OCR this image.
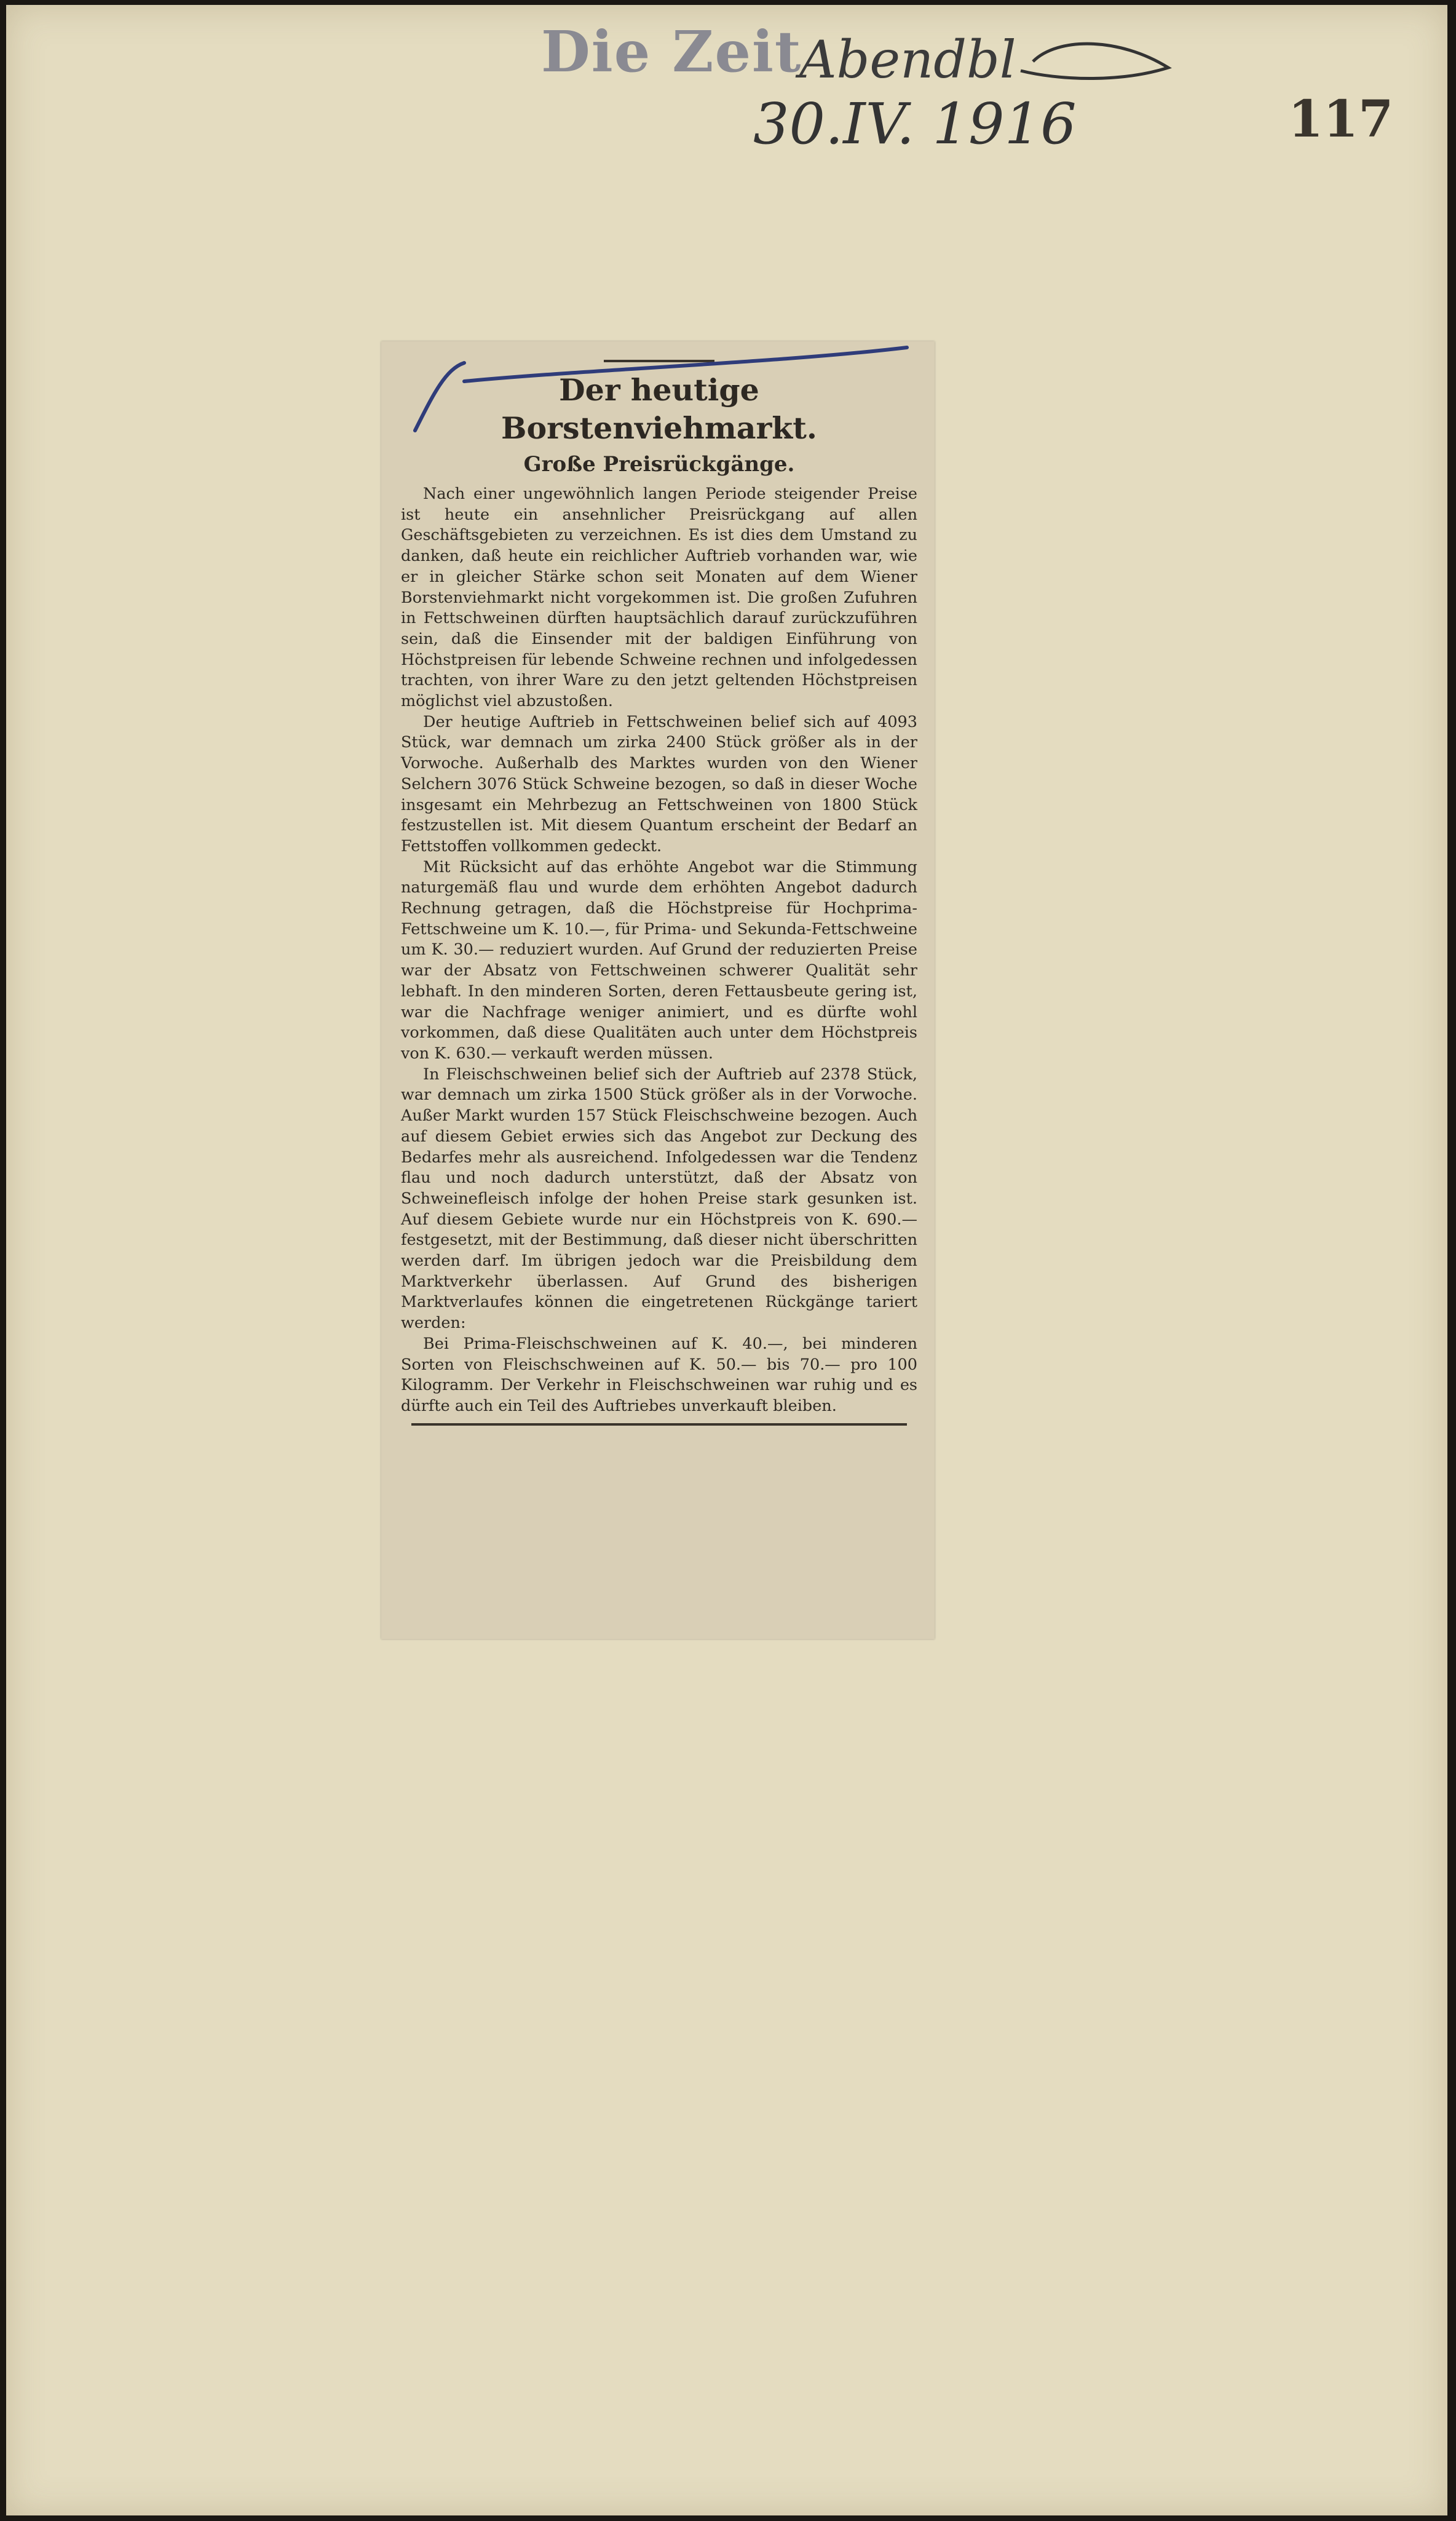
Die Zeit
Abendbl
30.IV. 1916	117
Der heutige Borstenviehmarkt.
Große Preisrückgänge.

Nach einer ungewöhnlich langen Periode steigender Preise ist heute ein ansehnlicher Preisrückgang auf allen Geschäftsgebieten zu verzeichnen. Es ist dies dem Umstand zu danken, daß heute ein reichlicher Auftrieb vorhanden war, wie er in gleicher Stärke schon seit Monaten auf dem Wiener Borstenviehmarkt nicht vorgekommen ist. Die großen Zufuhren in Fettschweinen dürften hauptsächlich darauf zurückzuführen sein, daß die Einsender mit der baldigen Einführung von Höchstpreisen für lebende Schweine rechnen und infolgedessen trachten, von ihrer Ware zu den jetzt geltenden Höchstpreisen möglichst viel abzustoßen.

Der heutige Auftrieb in Fettschweinen belief sich auf 4093 Stück, war demnach um zirka 2400 Stück größer als in der Vorwoche. Außerhalb des Marktes wurden von den Wiener Selchern 3076 Stück Schweine bezogen, so daß in dieser Woche insgesamt ein Mehrbezug an Fettschweinen von 1800 Stück festzustellen ist. Mit diesem Quantum erscheint der Bedarf an Fettstoffen vollkommen gedeckt.

Mit Rücksicht auf das erhöhte Angebot war die Stimmung naturgemäß flau und wurde dem erhöhten Angebot dadurch Rechnung getragen, daß die Höchstpreise für Hochprima-Fettschweine um K. 10.—, für Prima- und Sekunda-Fettschweine um K. 30.— reduziert wurden. Auf Grund der reduzierten Preise war der Absatz von Fettschweinen schwerer Qualität sehr lebhaft. In den minderen Sorten, deren Fettausbeute gering ist, war die Nachfrage weniger animiert, und es dürfte wohl vorkommen, daß diese Qualitäten auch unter dem Höchstpreis von K. 630.— verkauft werden müssen.

In Fleischschweinen belief sich der Auftrieb auf 2378 Stück, war demnach um zirka 1500 Stück größer als in der Vorwoche. Außer Markt wurden 157 Stück Fleischschweine bezogen. Auch auf diesem Gebiet erwies sich das Angebot zur Deckung des Bedarfes mehr als ausreichend. Infolgedessen war die Tendenz flau und noch dadurch unterstützt, daß der Absatz von Schweinefleisch infolge der hohen Preise stark gesunken ist. Auf diesem Gebiete wurde nur ein Höchstpreis von K. 690.— festgesetzt, mit der Bestimmung, daß dieser nicht überschritten werden darf. Im übrigen jedoch war die Preisbildung dem Marktverkehr überlassen. Auf Grund des bisherigen Marktverlaufes können die eingetretenen Rückgänge tariert werden:

Bei Prima-Fleischschweinen auf K. 40.—, bei minderen Sorten von Fleischschweinen auf K. 50.— bis 70.— pro 100 Kilogramm. Der Verkehr in Fleischschweinen war ruhig und es dürfte auch ein Teil des Auftriebes unverkauft bleiben.
